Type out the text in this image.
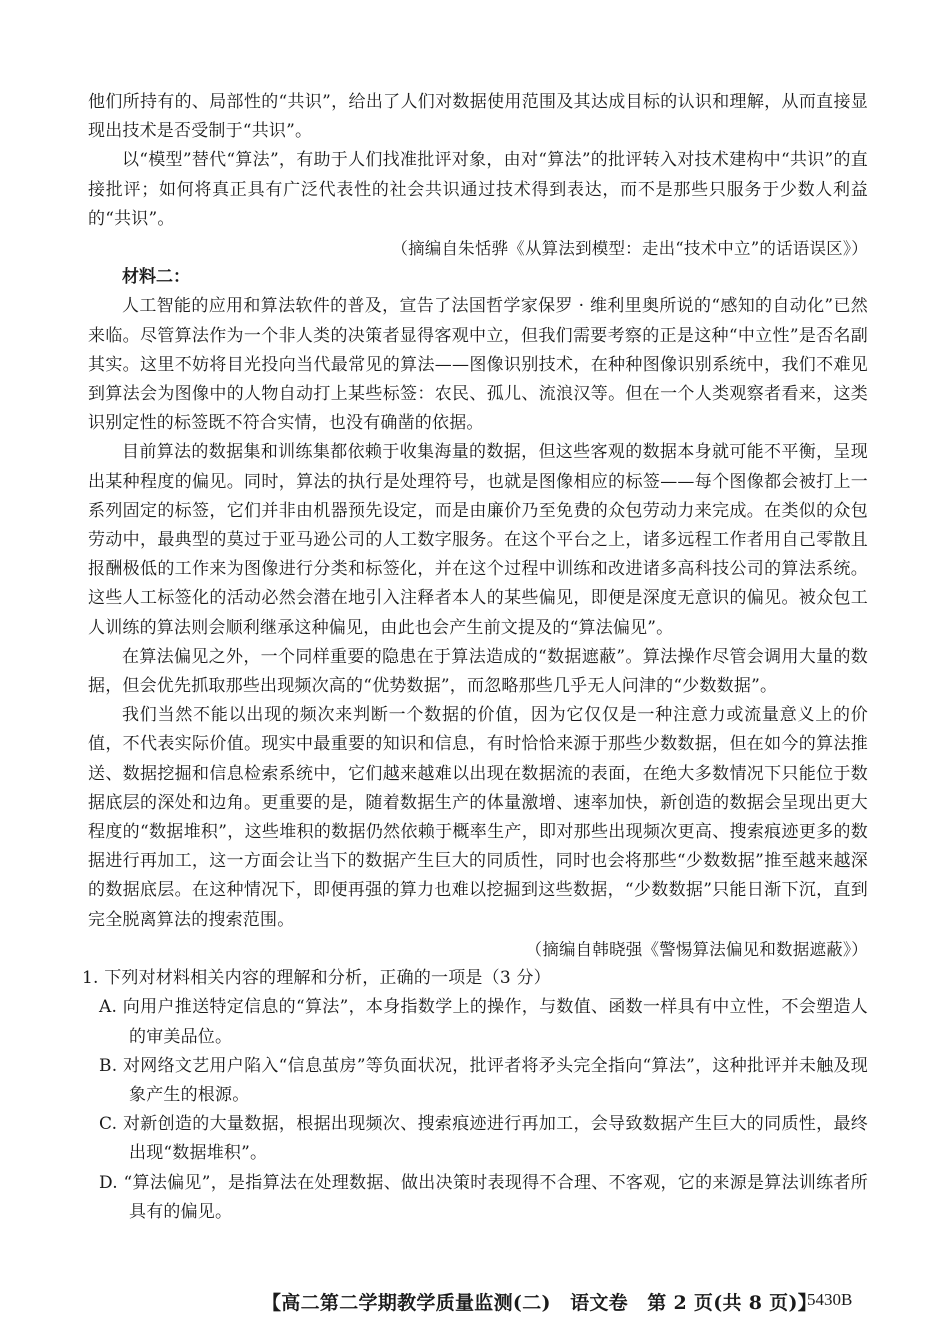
他们所持有的、局部性的“共识”，给出了人们对数据使用范围及其达成目标的认识和理解，从而直接显现出技术是否受制于“共识”。

以“模型”替代“算法”，有助于人们找准批评对象，由对“算法”的批评转入对技术建构中“共识”的直接批评；如何将真正具有广泛代表性的社会共识通过技术得到表达，而不是那些只服务于少数人利益的“共识”。

（摘编自朱恬骅《从算法到模型：走出“技术中立”的话语误区》）

材料二：

人工智能的应用和算法软件的普及，宣告了法国哲学家保罗 · 维利里奥所说的“感知的自动化”已然来临。尽管算法作为一个非人类的决策者显得客观中立，但我们需要考察的正是这种“中立性”是否名副其实。这里不妨将目光投向当代最常见的算法——图像识别技术，在种种图像识别系统中，我们不难见到算法会为图像中的人物自动打上某些标签：农民、孤儿、流浪汉等。但在一个人类观察者看来，这类识别定性的标签既不符合实情，也没有确凿的依据。

目前算法的数据集和训练集都依赖于收集海量的数据，但这些客观的数据本身就可能不平衡，呈现出某种程度的偏见。同时，算法的执行是处理符号，也就是图像相应的标签——每个图像都会被打上一系列固定的标签，它们并非由机器预先设定，而是由廉价乃至免费的众包劳动力来完成。在类似的众包劳动中，最典型的莫过于亚马逊公司的人工数字服务。在这个平台之上，诸多远程工作者用自己零散且报酬极低的工作来为图像进行分类和标签化，并在这个过程中训练和改进诸多高科技公司的算法系统。这些人工标签化的活动必然会潜在地引入注释者本人的某些偏见，即便是深度无意识的偏见。被众包工人训练的算法则会顺利继承这种偏见，由此也会产生前文提及的“算法偏见”。

在算法偏见之外，一个同样重要的隐患在于算法造成的“数据遮蔽”。算法操作尽管会调用大量的数据，但会优先抓取那些出现频次高的“优势数据”，而忽略那些几乎无人问津的“少数数据”。

我们当然不能以出现的频次来判断一个数据的价值，因为它仅仅是一种注意力或流量意义上的价值，不代表实际价值。现实中最重要的知识和信息，有时恰恰来源于那些少数数据，但在如今的算法推送、数据挖掘和信息检索系统中，它们越来越难以出现在数据流的表面，在绝大多数情况下只能位于数据底层的深处和边角。更重要的是，随着数据生产的体量激增、速率加快，新创造的数据会呈现出更大程度的“数据堆积”，这些堆积的数据仍然依赖于概率生产，即对那些出现频次更高、搜索痕迹更多的数据进行再加工，这一方面会让当下的数据产生巨大的同质性，同时也会将那些“少数数据”推至越来越深的数据底层。在这种情况下，即便再强的算力也难以挖掘到这些数据，“少数数据”只能日渐下沉，直到完全脱离算法的搜索范围。

（摘编自韩晓强《警惕算法偏见和数据遮蔽》）

1. 下列对材料相关内容的理解和分析，正确的一项是（3 分）

A. 向用户推送特定信息的“算法”，本身指数学上的操作，与数值、函数一样具有中立性，不会塑造人的审美品位。

B. 对网络文艺用户陷入“信息茧房”等负面状况，批评者将矛头完全指向“算法”，这种批评并未触及现象产生的根源。

C. 对新创造的大量数据，根据出现频次、搜索痕迹进行再加工，会导致数据产生巨大的同质性，最终出现“数据堆积”。

D. “算法偏见”，是指算法在处理数据、做出决策时表现得不合理、不客观，它的来源是算法训练者所具有的偏见。

【高二第二学期教学质量监测(二)　语文卷　第 2 页(共 8 页)】
5430B
